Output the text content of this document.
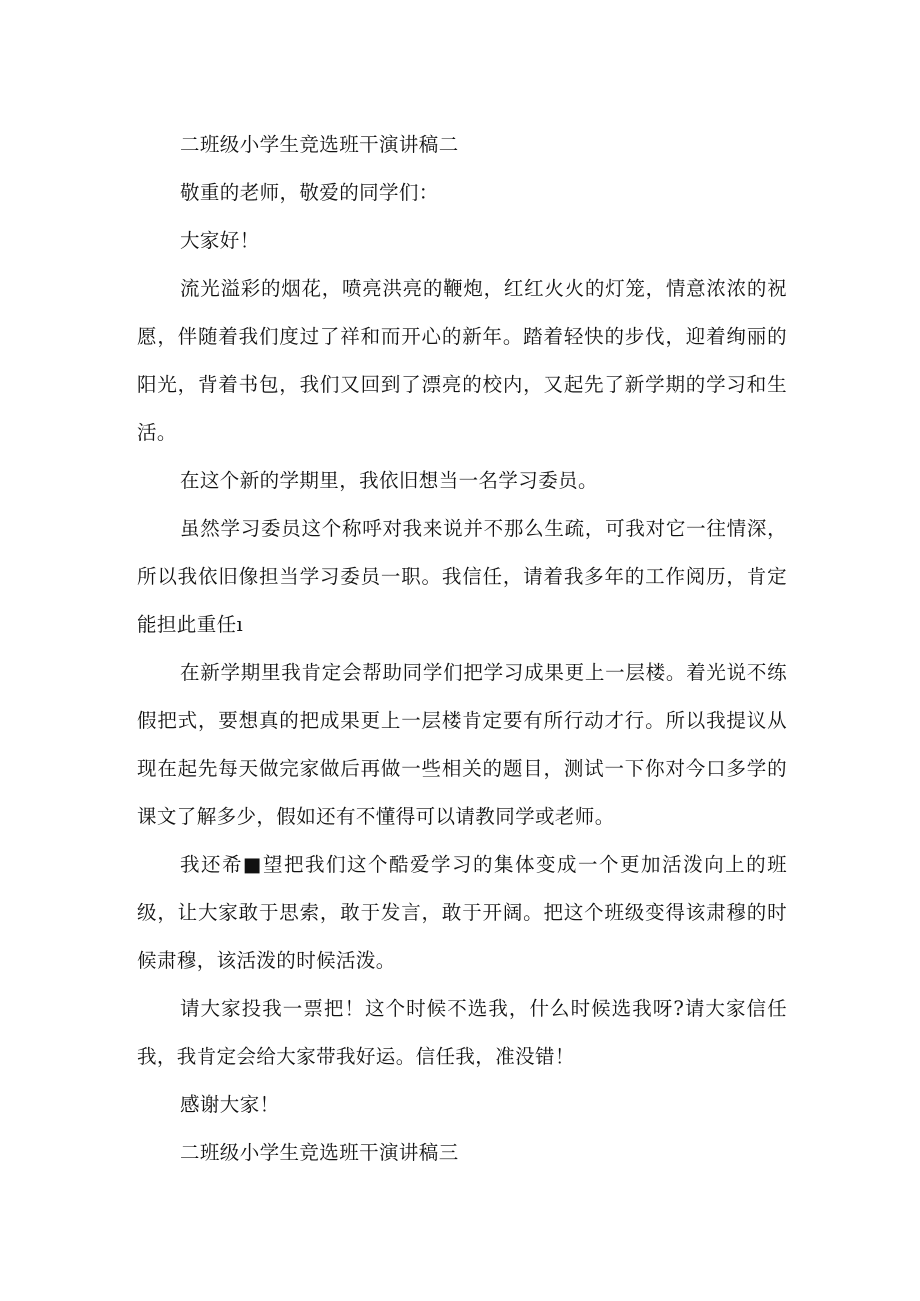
二班级小学生竞选班干演讲稿二

敬重的老师，敬爱的同学们：

大家好！

流光溢彩的烟花，喷亮洪亮的鞭炮，红红火火的灯笼，情意浓浓的祝愿，伴随着我们度过了祥和而开心的新年。踏着轻快的步伐，迎着绚丽的阳光，背着书包，我们又回到了漂亮的校内，又起先了新学期的学习和生活。

在这个新的学期里，我依旧想当一名学习委员。

虽然学习委员这个称呼对我来说并不那么生疏，可我对它一往情深，所以我依旧像担当学习委员一职。我信任，请着我多年的工作阅历，肯定能担此重任ı

在新学期里我肯定会帮助同学们把学习成果更上一层楼。着光说不练假把式，要想真的把成果更上一层楼肯定要有所行动才行。所以我提议从现在起先每天做完家做后再做一些相关的题目，测试一下你对今口多学的课文了解多少，假如还有不懂得可以请教同学或老师。

我还希■望把我们这个酷爱学习的集体变成一个更加活泼向上的班级，让大家敢于思索，敢于发言，敢于开阔。把这个班级变得该肃穆的时候肃穆，该活泼的时候活泼。

请大家投我一票把！这个时候不选我，什么时候选我呀?请大家信任我，我肯定会给大家带我好运。信任我，准没错！

感谢大家！

二班级小学生竞选班干演讲稿三
